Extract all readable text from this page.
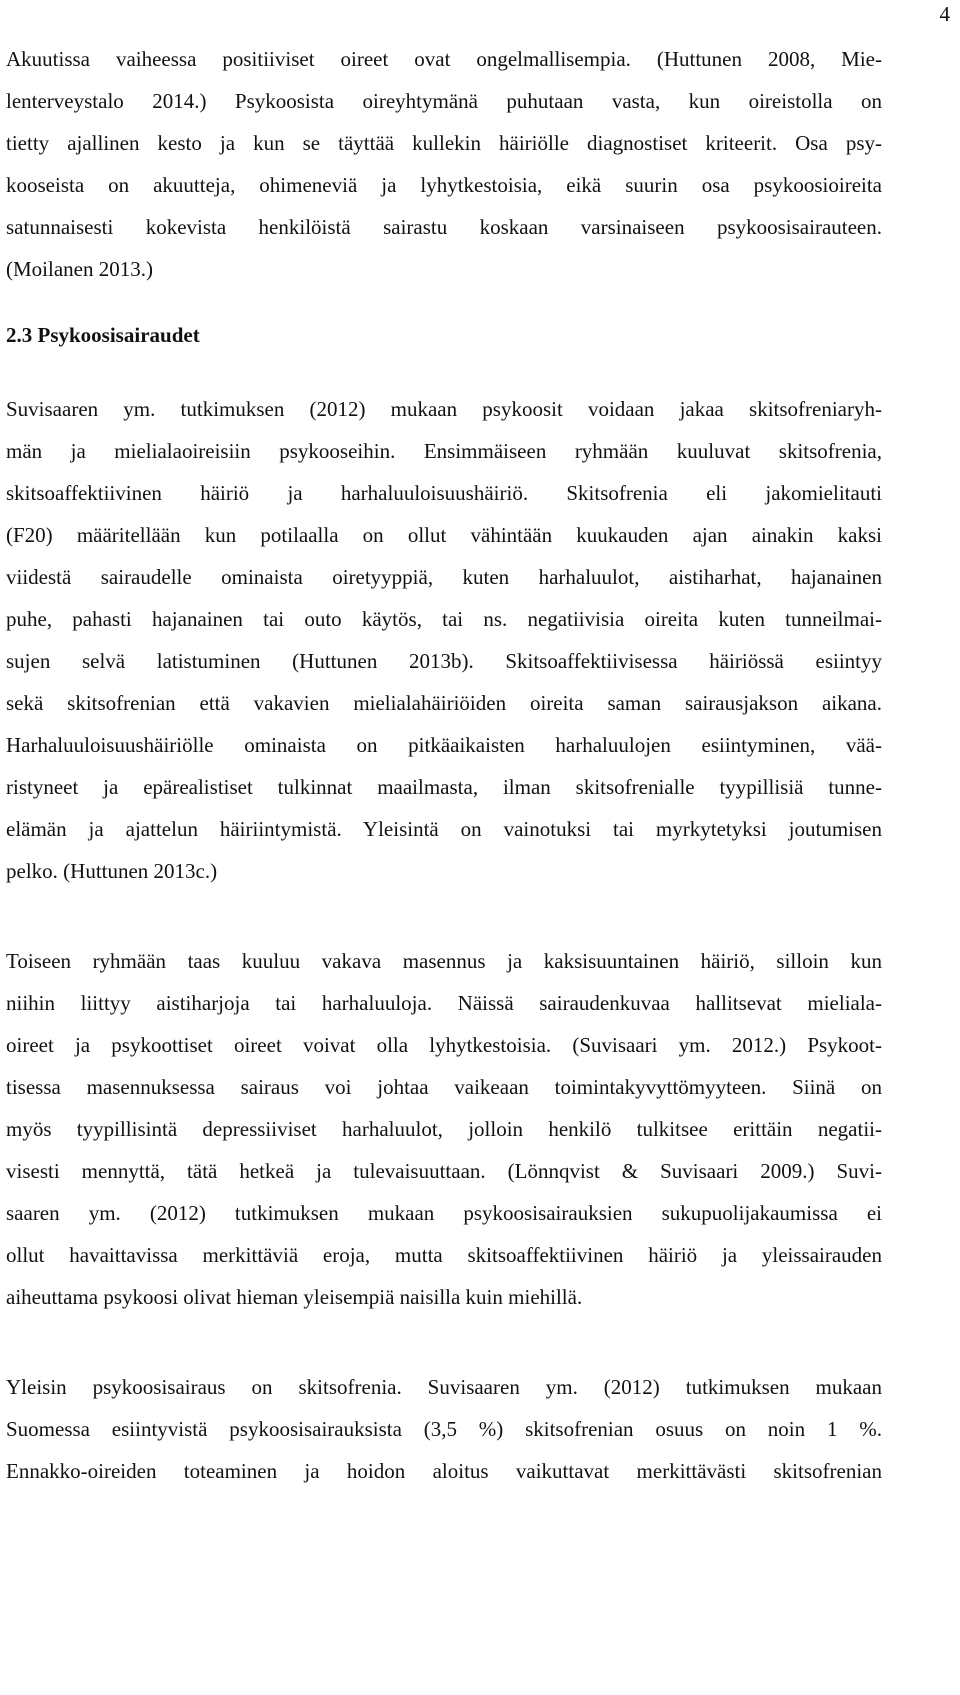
4
Akuutissa vaiheessa positiiviset oireet ovat ongelmallisempia. (Huttunen 2008, Mie-
lenterveystalo 2014.) Psykoosista oireyhtymänä puhutaan vasta, kun oireistolla on
tietty ajallinen kesto ja kun se täyttää kullekin häiriölle diagnostiset kriteerit. Osa psy-
kooseista on akuutteja, ohimeneviä ja lyhytkestoisia, eikä suurin osa psykoosioireita
satunnaisesti kokevista henkilöistä sairastu koskaan varsinaiseen psykoosisairauteen.
(Moilanen 2013.)
2.3 Psykoosisairaudet
Suvisaaren ym. tutkimuksen (2012) mukaan psykoosit voidaan jakaa skitsofreniaryh-
män ja mielialaoireisiin psykooseihin. Ensimmäiseen ryhmään kuuluvat skitsofrenia,
skitsoaffektiivinen häiriö ja harhaluuloisuushäiriö. Skitsofrenia eli jakomielitauti
(F20) määritellään kun potilaalla on ollut vähintään kuukauden ajan ainakin kaksi
viidestä sairaudelle ominaista oiretyyppiä, kuten harhaluulot, aistiharhat, hajanainen
puhe, pahasti hajanainen tai outo käytös, tai ns. negatiivisia oireita kuten tunneilmai-
sujen selvä latistuminen (Huttunen 2013b). Skitsoaffektiivisessa häiriössä esiintyy
sekä skitsofrenian että vakavien mielialahäiriöiden oireita saman sairausjakson aikana.
Harhaluuloisuushäiriölle ominaista on pitkäaikaisten harhaluulojen esiintyminen, vää-
ristyneet ja epärealistiset tulkinnat maailmasta, ilman skitsofrenialle tyypillisiä tunne-
elämän ja ajattelun häiriintymistä. Yleisintä on vainotuksi tai myrkytetyksi joutumisen
pelko. (Huttunen 2013c.)
Toiseen ryhmään taas kuuluu vakava masennus ja kaksisuuntainen häiriö, silloin kun
niihin liittyy aistiharjoja tai harhaluuloja. Näissä sairaudenkuvaa hallitsevat mieliala-
oireet ja psykoottiset oireet voivat olla lyhytkestoisia. (Suvisaari ym. 2012.) Psykoot-
tisessa masennuksessa sairaus voi johtaa vaikeaan toimintakyvyttömyyteen. Siinä on
myös tyypillisintä depressiiviset harhaluulot, jolloin henkilö tulkitsee erittäin negatii-
visesti mennyttä, tätä hetkeä ja tulevaisuuttaan. (Lönnqvist & Suvisaari 2009.) Suvi-
saaren ym. (2012) tutkimuksen mukaan psykoosisairauksien sukupuolijakaumissa ei
ollut havaittavissa merkittäviä eroja, mutta skitsoaffektiivinen häiriö ja yleissairauden
aiheuttama psykoosi olivat hieman yleisempiä naisilla kuin miehillä.
Yleisin psykoosisairaus on skitsofrenia. Suvisaaren ym. (2012) tutkimuksen mukaan
Suomessa esiintyvistä psykoosisairauksista (3,5 %) skitsofrenian osuus on noin 1 %.
Ennakko-oireiden toteaminen ja hoidon aloitus vaikuttavat merkittävästi skitsofrenian
